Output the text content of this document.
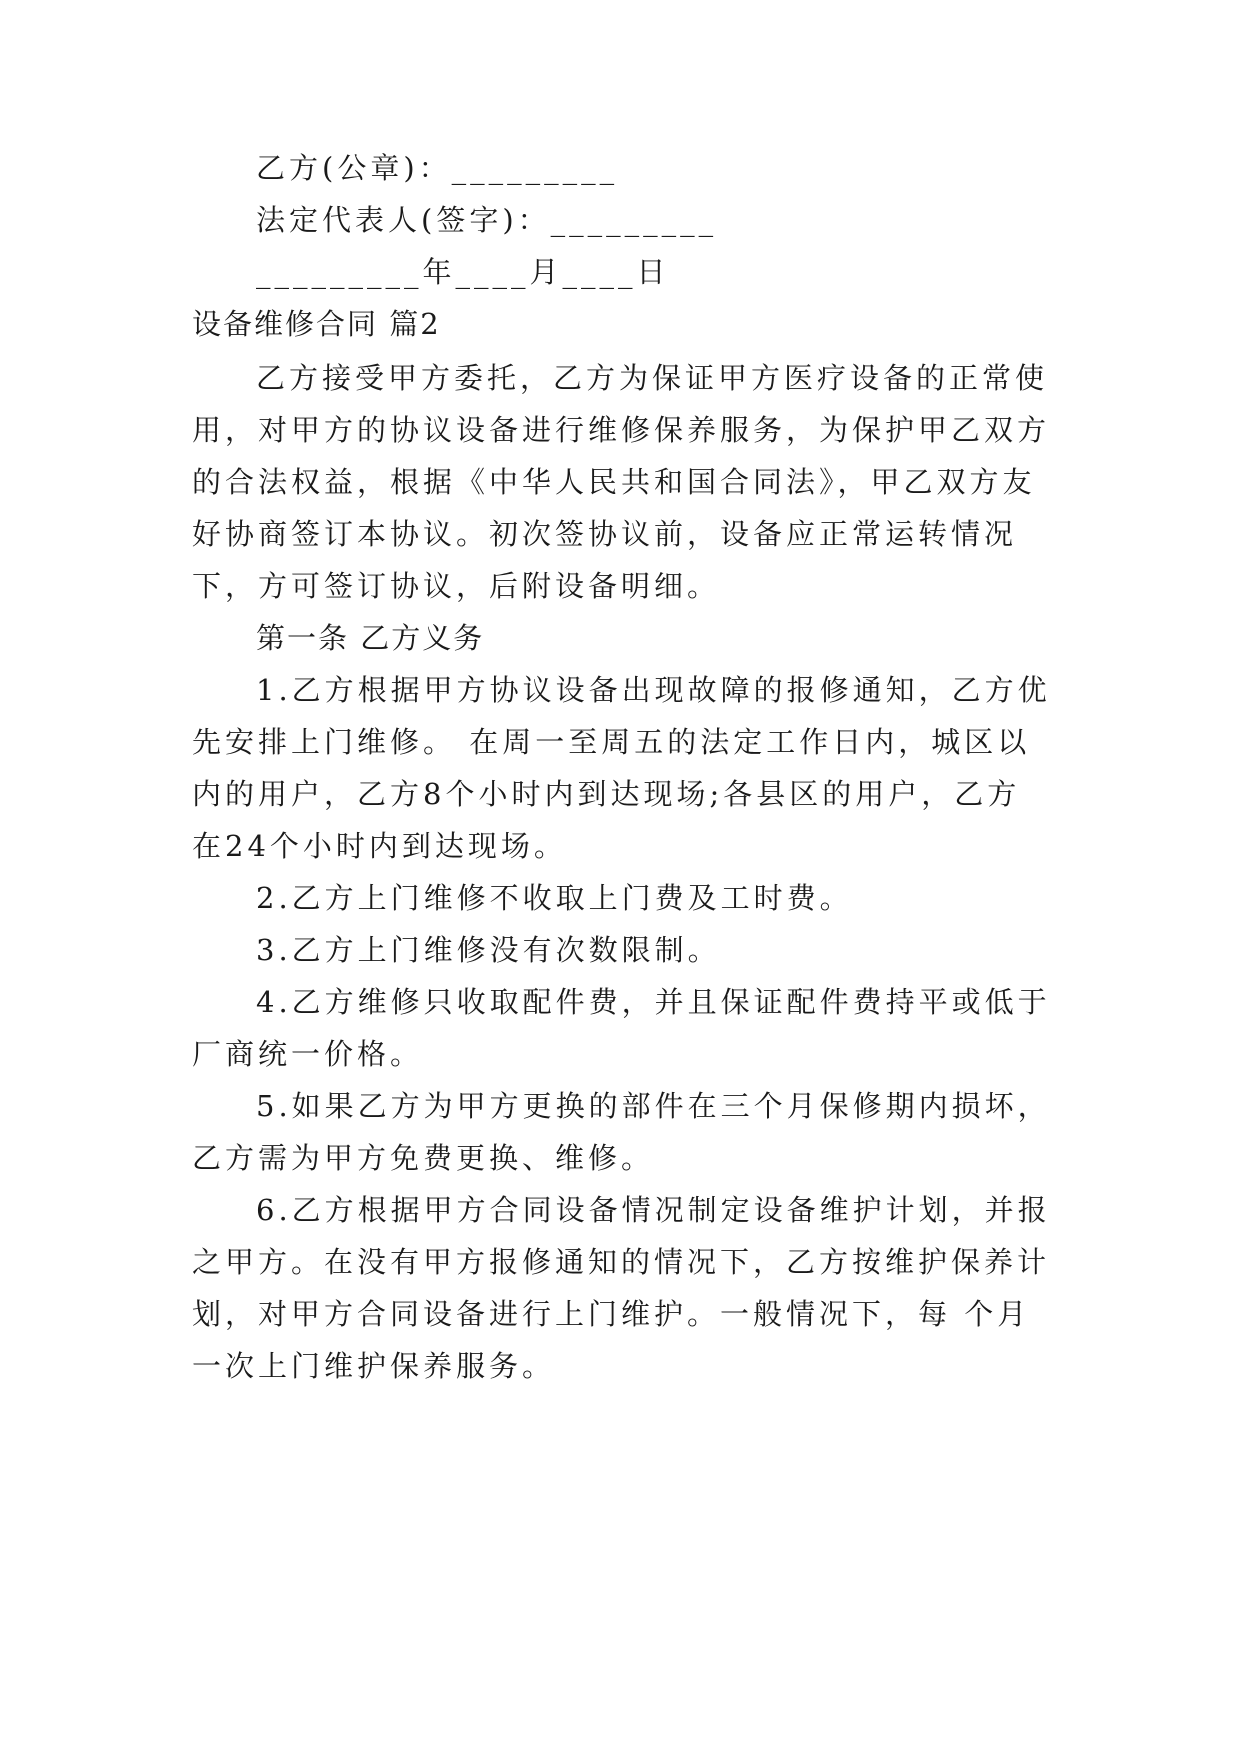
乙方(公章)：_________
法定代表人(签字)：_________
_________年____月____日
设备维修合同 篇2
乙方接受甲方委托，乙方为保证甲方医疗设备的正常使
用，对甲方的协议设备进行维修保养服务，为保护甲乙双方
的合法权益，根据《中华人民共和国合同法》，甲乙双方友
好协商签订本协议。初次签协议前，设备应正常运转情况
下，方可签订协议，后附设备明细。
第一条 乙方义务
1.乙方根据甲方协议设备出现故障的报修通知，乙方优
先安排上门维修。 在周一至周五的法定工作日内，城区以
内的用户，乙方8个小时内到达现场;各县区的用户，乙方
在24个小时内到达现场。
2.乙方上门维修不收取上门费及工时费。
3.乙方上门维修没有次数限制。
4.乙方维修只收取配件费，并且保证配件费持平或低于
厂商统一价格。
5.如果乙方为甲方更换的部件在三个月保修期内损坏，
乙方需为甲方免费更换、维修。
6.乙方根据甲方合同设备情况制定设备维护计划，并报
之甲方。在没有甲方报修通知的情况下，乙方按维护保养计
划，对甲方合同设备进行上门维护。一般情况下，每 个月
一次上门维护保养服务。
